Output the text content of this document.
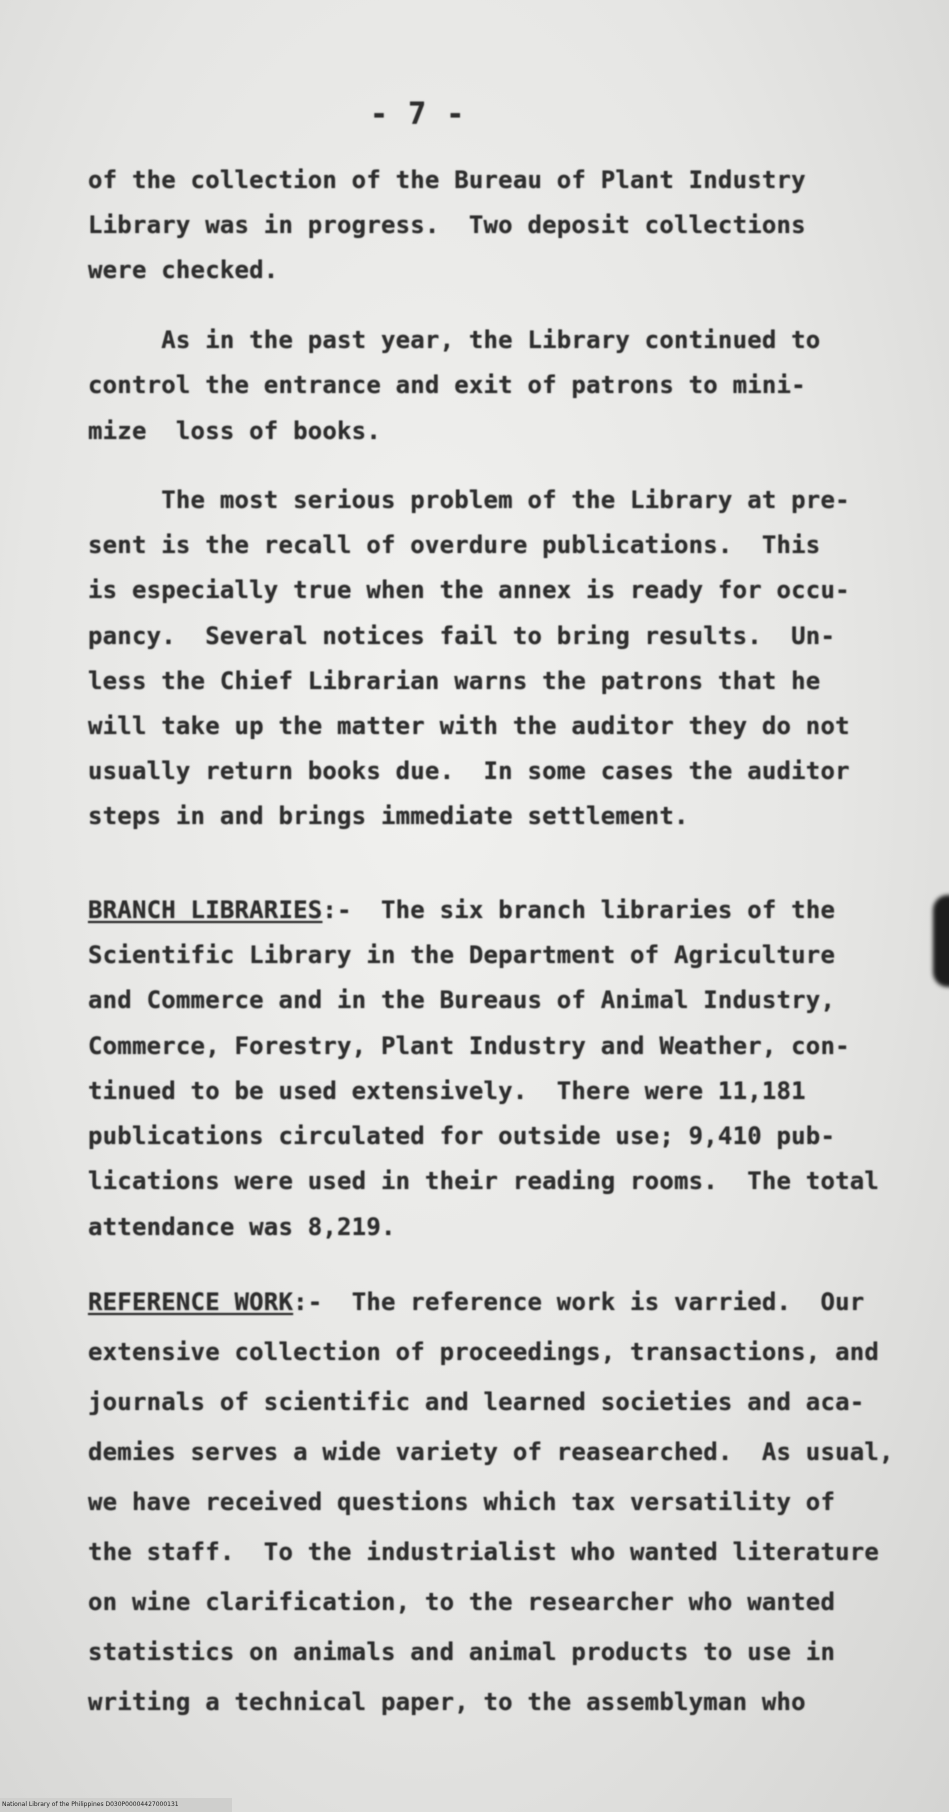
- 7 -
of the collection of the Bureau of Plant Industry
Library was in progress.  Two deposit collections
were checked.
As in the past year, the Library continued to
control the entrance and exit of patrons to mini-
mize  loss of books.
The most serious problem of the Library at pre-
sent is the recall of overdure publications.  This
is especially true when the annex is ready for occu-
pancy.  Several notices fail to bring results.  Un-
less the Chief Librarian warns the patrons that he
will take up the matter with the auditor they do not
usually return books due.  In some cases the auditor
steps in and brings immediate settlement.
BRANCH LIBRARIES:-  The six branch libraries of the
Scientific Library in the Department of Agriculture
and Commerce and in the Bureaus of Animal Industry,
Commerce, Forestry, Plant Industry and Weather, con-
tinued to be used extensively.  There were 11,181
publications circulated for outside use; 9,410 pub-
lications were used in their reading rooms.  The total
attendance was 8,219.
REFERENCE WORK:-  The reference work is varried.  Our
extensive collection of proceedings, transactions, and
journals of scientific and learned societies and aca-
demies serves a wide variety of reasearched.  As usual,
we have received questions which tax versatility of
the staff.  To the industrialist who wanted literature
on wine clarification, to the researcher who wanted
statistics on animals and animal products to use in
writing a technical paper, to the assemblyman who
National Library of the Philippines D030P00004427000131
